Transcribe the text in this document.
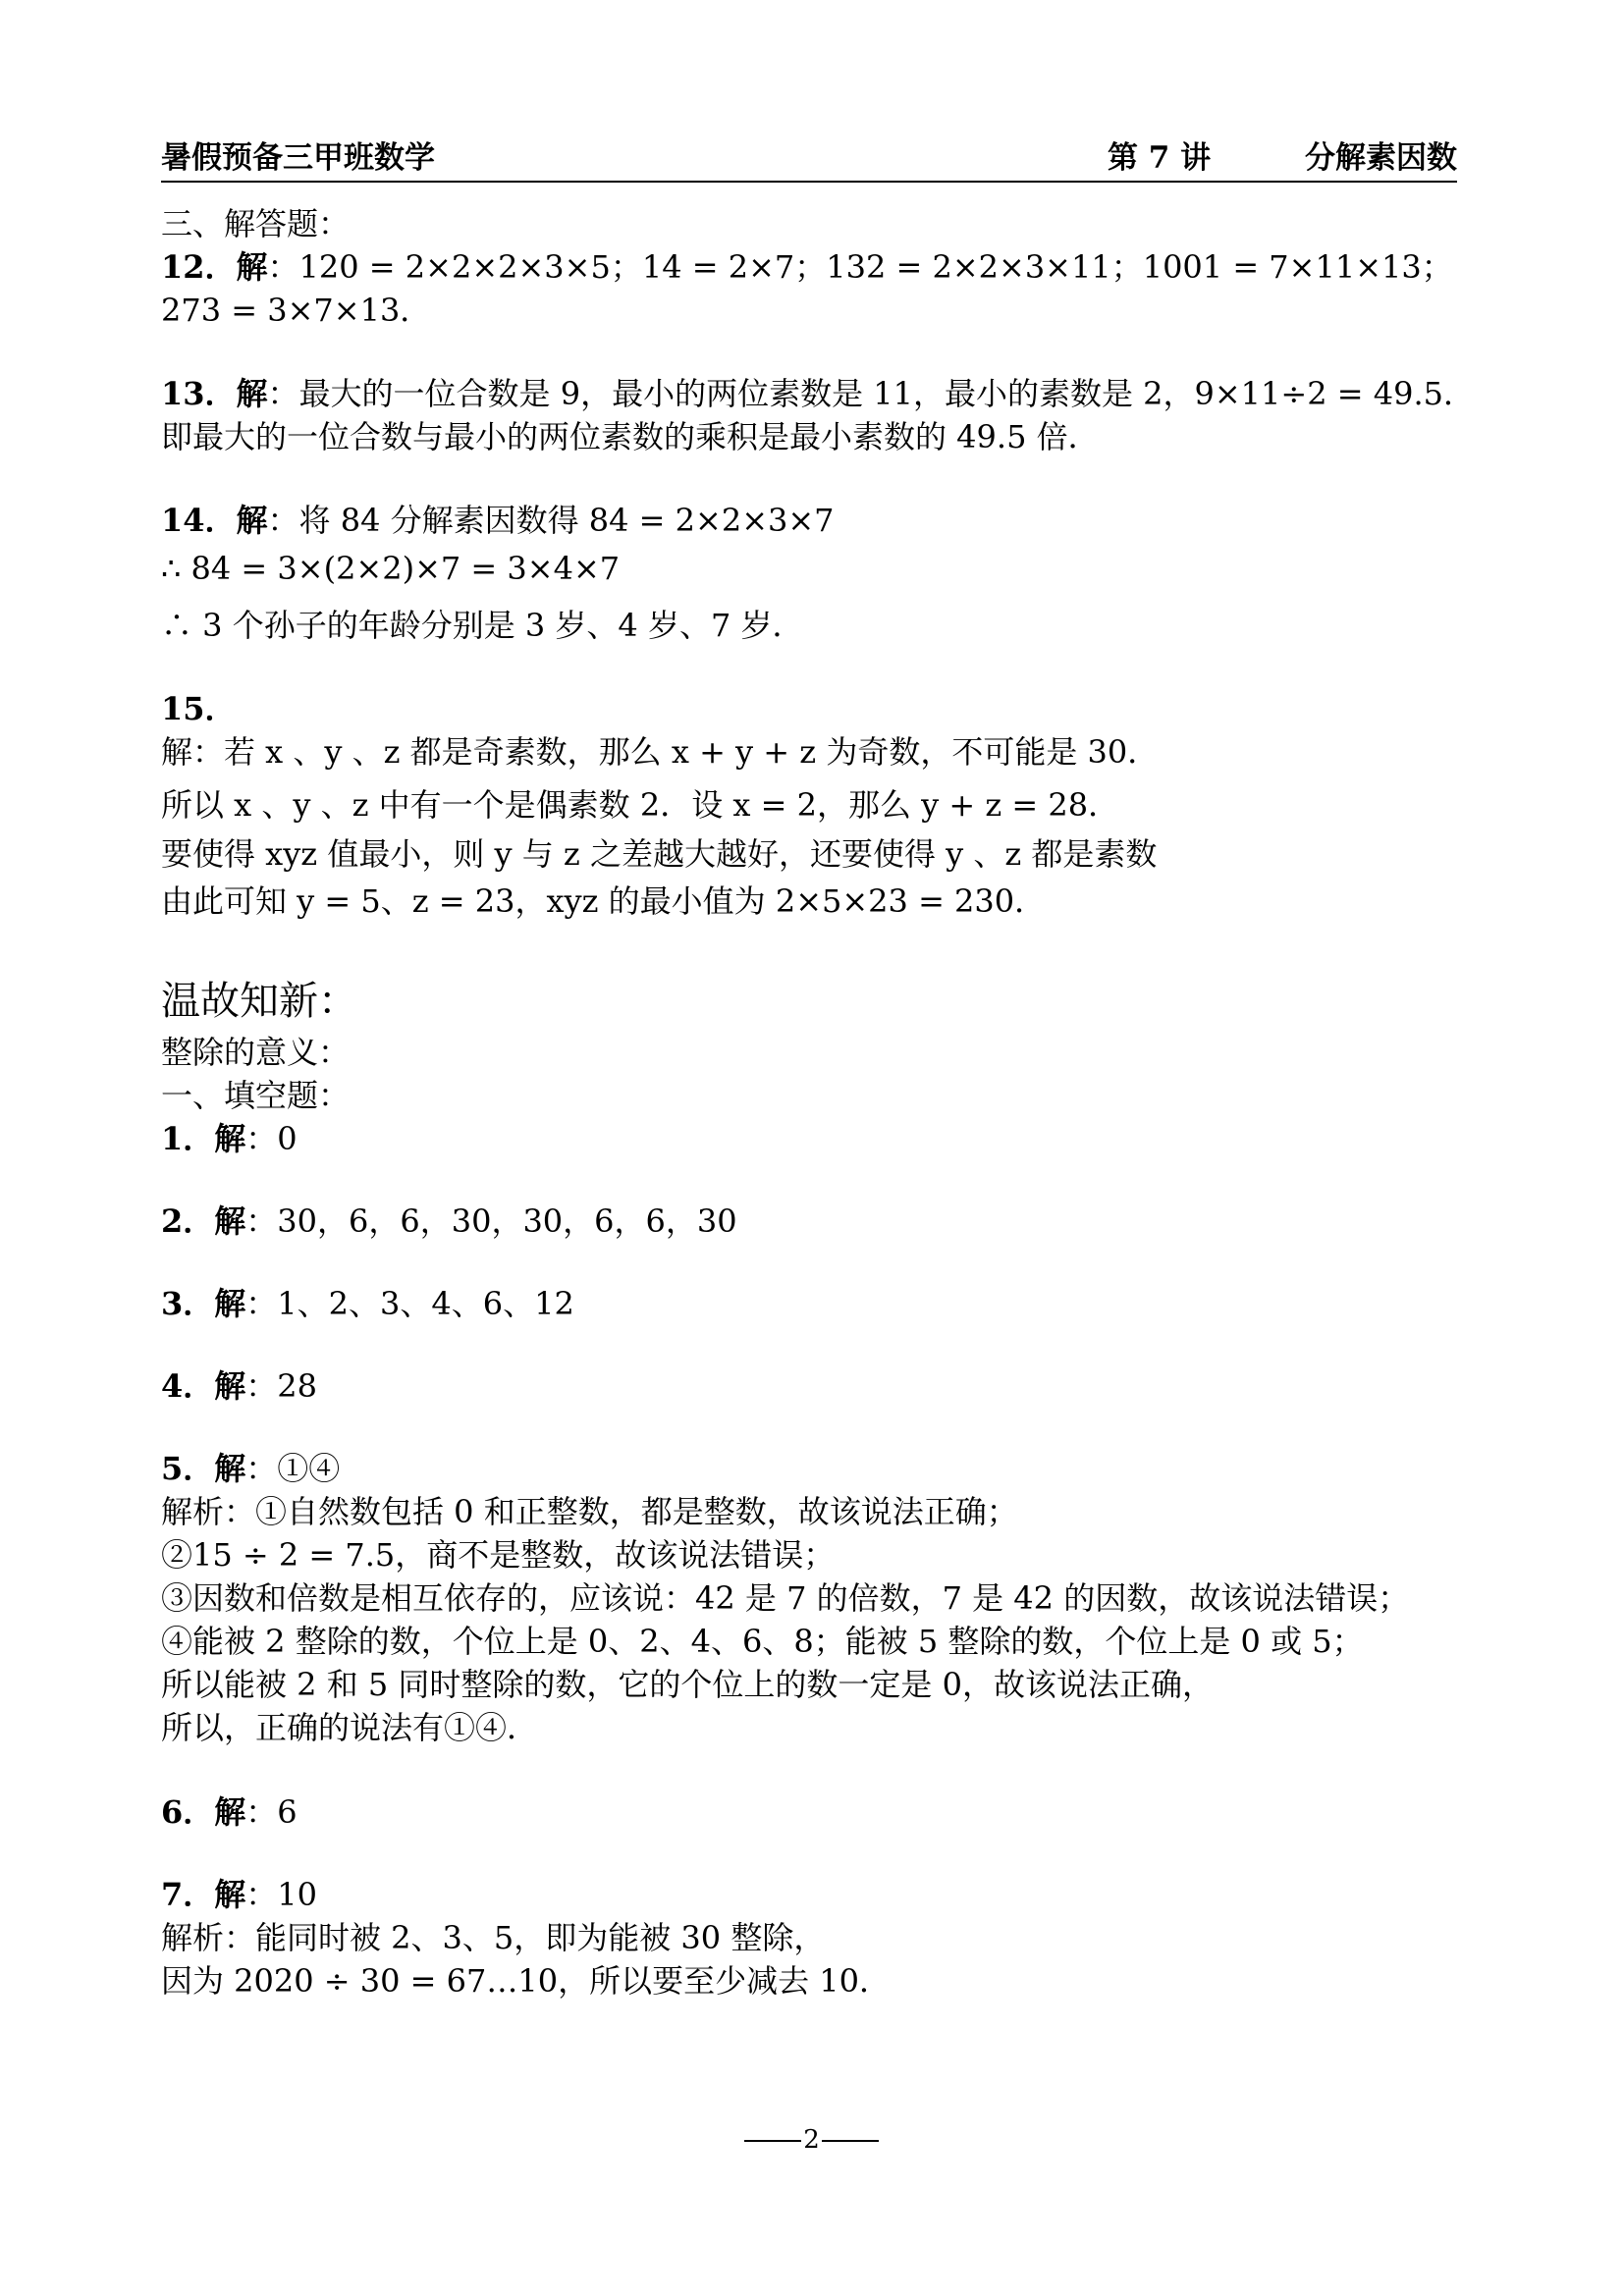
暑假预备三甲班数学	第 7 讲	分解素因数
三、解答题：
12．解：120 = 2×2×2×3×5；14 = 2×7；132 = 2×2×3×11；1001 = 7×11×13；
273 = 3×7×13．
13．解：最大的一位合数是 9，最小的两位素数是 11，最小的素数是 2，9×11÷2 = 49.5．
即最大的一位合数与最小的两位素数的乘积是最小素数的 49.5 倍．
14．解：将 84 分解素因数得 84 = 2×2×3×7
∴ 84 = 3×(2×2)×7 = 3×4×7
∴ 3 个孙子的年龄分别是 3 岁、4 岁、7 岁．
15．
解：若 x 、y 、z 都是奇素数，那么 x + y + z 为奇数，不可能是 30．
所以 x 、y 、z 中有一个是偶素数 2．设 x = 2，那么 y + z = 28．
要使得 xyz 值最小，则 y 与 z 之差越大越好，还要使得 y 、z 都是素数
由此可知 y = 5、z = 23，xyz 的最小值为 2×5×23 = 230．
温故知新：
整除的意义：
一、填空题：
1．解：0
2．解：30，6，6，30，30，6，6，30
3．解：1、2、3、4、6、12
4．解：28
5．解：①④
解析：①自然数包括 0 和正整数，都是整数，故该说法正确；
②15 ÷ 2 = 7.5，商不是整数，故该说法错误；
③因数和倍数是相互依存的，应该说：42 是 7 的倍数，7 是 42 的因数，故该说法错误；
④能被 2 整除的数，个位上是 0、2、4、6、8；能被 5 整除的数，个位上是 0 或 5；
所以能被 2 和 5 同时整除的数，它的个位上的数一定是 0，故该说法正确，
所以，正确的说法有①④．
6．解：6
7．解：10
解析：能同时被 2、3、5，即为能被 30 整除，
因为 2020 ÷ 30 = 67…10，所以要至少减去 10．
2
